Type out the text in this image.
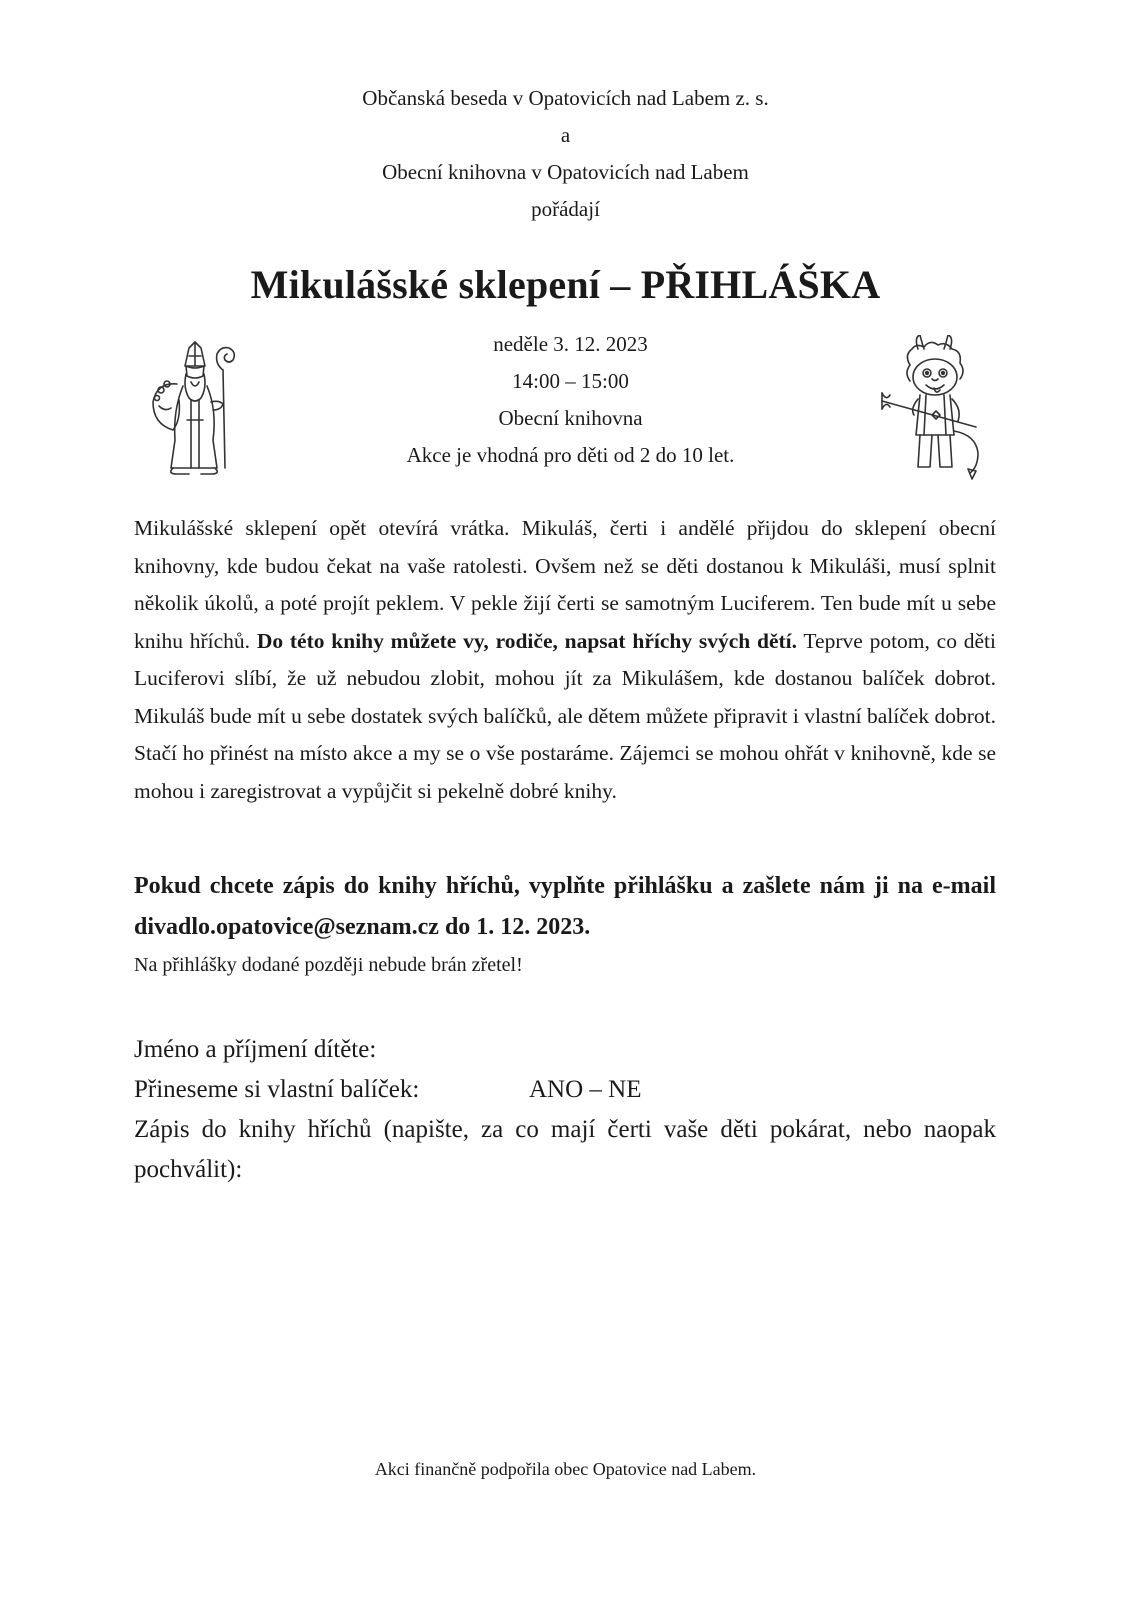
Občanská beseda v Opatovicích nad Labem z. s.
a
Obecní knihovna v Opatovicích nad Labem
pořádají
Mikulášské sklepení – PŘIHLÁŠKA
neděle 3. 12. 2023
14:00 – 15:00
Obecní knihovna
Akce je vhodná pro děti od 2 do 10 let.
Mikulášské sklepení opět otevírá vrátka. Mikuláš, čerti i andělé přijdou do sklepení obecní knihovny, kde budou čekat na vaše ratolesti. Ovšem než se děti dostanou k Mikuláši, musí splnit několik úkolů, a poté projít peklem. V pekle žijí čerti se samotným Luciferem. Ten bude mít u sebe knihu hříchů. Do této knihy můžete vy, rodiče, napsat hříchy svých dětí. Teprve potom, co děti Luciferovi slíbí, že už nebudou zlobit, mohou jít za Mikulášem, kde dostanou balíček dobrot. Mikuláš bude mít u sebe dostatek svých balíčků, ale dětem můžete připravit i vlastní balíček dobrot. Stačí ho přinést na místo akce a my se o vše postaráme. Zájemci se mohou ohřát v knihovně, kde se mohou i zaregistrovat a vypůjčit si pekelně dobré knihy.
Pokud chcete zápis do knihy hříchů, vyplňte přihlášku a zašlete nám ji na e-mail divadlo.opatovice@seznam.cz do 1. 12. 2023.
Na přihlášky dodané později nebude brán zřetel!
Jméno a příjmení dítěte:
Přineseme si vlastní balíček:	ANO – NE
Zápis do knihy hříchů (napište, za co mají čerti vaše děti pokárat, nebo naopak pochválit):
Akci finančně podpořila obec Opatovice nad Labem.
